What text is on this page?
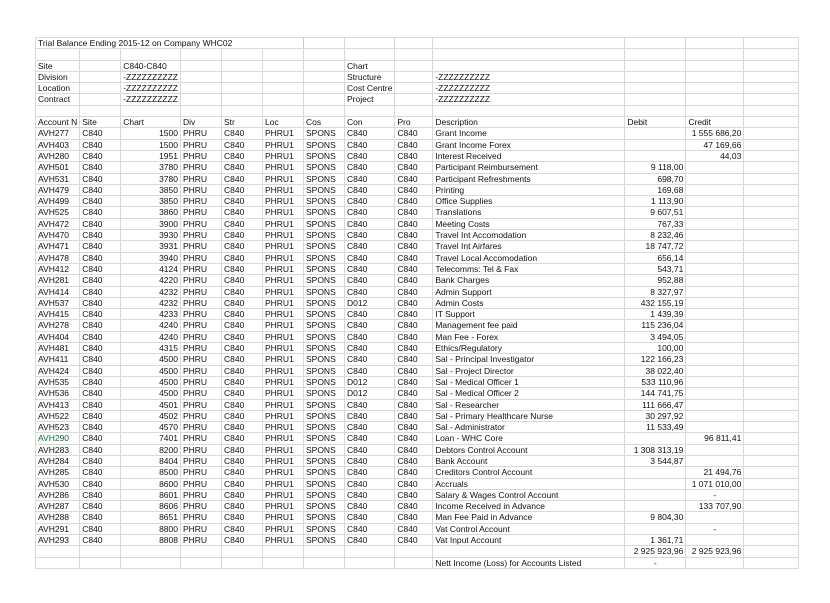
Trial Balance Ending 2015-12 on Company WHC02												

Site		C840-C840					Chart					
Division		-ZZZZZZZZZZ					Structure		-ZZZZZZZZZZ			
Location		-ZZZZZZZZZZ					Cost Centre		-ZZZZZZZZZZ			
Contract		-ZZZZZZZZZZ					Project		-ZZZZZZZZZZ			

Account N	Site	Chart	Div	Str	Loc	Cos	Con	Pro	Description	Debit	Credit	
AVH277	C840	1500	PHRU	C840	PHRU1	SPONS	C840	C840	Grant Income		1 555 686,20	
AVH403	C840	1500	PHRU	C840	PHRU1	SPONS	C840	C840	Grant Income Forex		47 169,66	
AVH280	C840	1951	PHRU	C840	PHRU1	SPONS	C840	C840	Interest Received		44,03	
AVH501	C840	3780	PHRU	C840	PHRU1	SPONS	C840	C840	Participant Reimbursement	9 118,00		
AVH531	C840	3780	PHRU	C840	PHRU1	SPONS	C840	C840	Participant Refreshments	698,70		
AVH479	C840	3850	PHRU	C840	PHRU1	SPONS	C840	C840	Printing	169,68		
AVH499	C840	3850	PHRU	C840	PHRU1	SPONS	C840	C840	Office Supplies	1 113,90		
AVH525	C840	3860	PHRU	C840	PHRU1	SPONS	C840	C840	Translations	9 607,51		
AVH472	C840	3900	PHRU	C840	PHRU1	SPONS	C840	C840	Meeting Costs	767,33		
AVH470	C840	3930	PHRU	C840	PHRU1	SPONS	C840	C840	Travel Int Accomodation	8 232,46		
AVH471	C840	3931	PHRU	C840	PHRU1	SPONS	C840	C840	Travel Int Airfares	18 747,72		
AVH478	C840	3940	PHRU	C840	PHRU1	SPONS	C840	C840	Travel Local Accomodation	656,14		
AVH412	C840	4124	PHRU	C840	PHRU1	SPONS	C840	C840	Telecomms: Tel & Fax	543,71		
AVH281	C840	4220	PHRU	C840	PHRU1	SPONS	C840	C840	Bank Charges	952,88		
AVH414	C840	4232	PHRU	C840	PHRU1	SPONS	C840	C840	Admin Support	8 327,97		
AVH537	C840	4232	PHRU	C840	PHRU1	SPONS	D012	C840	Admin Costs	432 155,19		
AVH415	C840	4233	PHRU	C840	PHRU1	SPONS	C840	C840	IT Support	1 439,39		
AVH278	C840	4240	PHRU	C840	PHRU1	SPONS	C840	C840	Management fee paid	115 236,04		
AVH404	C840	4240	PHRU	C840	PHRU1	SPONS	C840	C840	Man Fee - Forex	3 494,05		
AVH481	C840	4315	PHRU	C840	PHRU1	SPONS	C840	C840	Ethics/Regulatory	100,00		
AVH411	C840	4500	PHRU	C840	PHRU1	SPONS	C840	C840	Sal - Principal Investigator	122 166,23		
AVH424	C840	4500	PHRU	C840	PHRU1	SPONS	C840	C840	Sal - Project Director	38 022,40		
AVH535	C840	4500	PHRU	C840	PHRU1	SPONS	D012	C840	Sal - Medical Officer 1	533 110,96		
AVH536	C840	4500	PHRU	C840	PHRU1	SPONS	D012	C840	Sal - Medical Officer 2	144 741,75		
AVH413	C840	4501	PHRU	C840	PHRU1	SPONS	C840	C840	Sal - Researcher	111 666,47		
AVH522	C840	4502	PHRU	C840	PHRU1	SPONS	C840	C840	Sal - Primary Healthcare Nurse	30 297,92		
AVH523	C840	4570	PHRU	C840	PHRU1	SPONS	C840	C840	Sal - Administrator	11 533,49		
AVH290	C840	7401	PHRU	C840	PHRU1	SPONS	C840	C840	Loan - WHC Core		96 811,41	
AVH283	C840	8200	PHRU	C840	PHRU1	SPONS	C840	C840	Debtors Control Account	1 308 313,19		
AVH284	C840	8404	PHRU	C840	PHRU1	SPONS	C840	C840	Bank Account	3 544,87		
AVH285	C840	8500	PHRU	C840	PHRU1	SPONS	C840	C840	Creditors Control Account		21 494,76	
AVH530	C840	8600	PHRU	C840	PHRU1	SPONS	C840	C840	Accruals		1 071 010,00	
AVH286	C840	8601	PHRU	C840	PHRU1	SPONS	C840	C840	Salary & Wages Control Account		-	
AVH287	C840	8606	PHRU	C840	PHRU1	SPONS	C840	C840	Income Received in Advance		133 707,90	
AVH288	C840	8651	PHRU	C840	PHRU1	SPONS	C840	C840	Man Fee Paid in Advance	9 804,30		
AVH291	C840	8800	PHRU	C840	PHRU1	SPONS	C840	C840	Vat Control Account		-	
AVH293	C840	8808	PHRU	C840	PHRU1	SPONS	C840	C840	Vat Input Account	1 361,71		
										2 925 923,96	2 925 923,96	
									Nett Income (Loss) for Accounts Listed	-		
